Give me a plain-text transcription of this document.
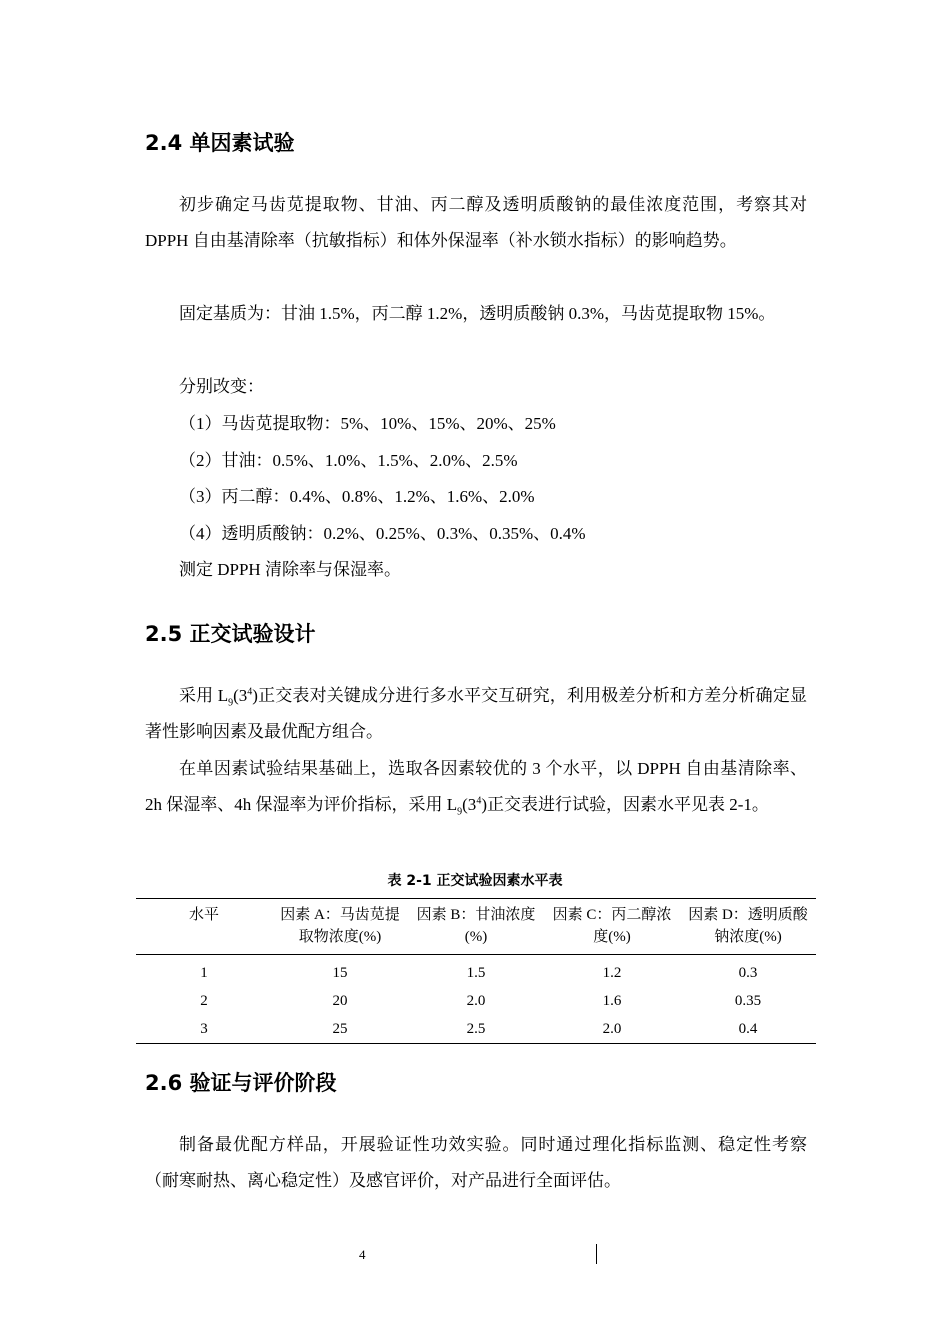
2.4 单因素试验

初步确定马齿苋提取物、甘油、丙二醇及透明质酸钠的最佳浓度范围，考察其对 DPPH 自由基清除率（抗敏指标）和体外保湿率（补水锁水指标）的影响趋势。

固定基质为：甘油 1.5%，丙二醇 1.2%，透明质酸钠 0.3%，马齿苋提取物 15%。

分别改变：

（1）马齿苋提取物：5%、10%、15%、20%、25%

（2）甘油：0.5%、1.0%、1.5%、2.0%、2.5%

（3）丙二醇：0.4%、0.8%、1.2%、1.6%、2.0%

（4）透明质酸钠：0.2%、0.25%、0.3%、0.35%、0.4%

测定 DPPH 清除率与保湿率。

2.5 正交试验设计

采用 $L_9(3^4)$正交表对关键成分进行多水平交互研究，利用极差分析和方差分析确定显著性影响因素及最优配方组合。

在单因素试验结果基础上，选取各因素较优的 3 个水平，以 DPPH 自由基清除率、2h 保湿率、4h 保湿率为评价指标，采用 $L_9(3^4)$正交表进行试验，因素水平见表 2-1。

表 2-1 正交试验因素水平表
水平	因素 A：马齿苋提取物浓度(%)	因素 B：甘油浓度(%)	因素 C：丙二醇浓度(%)	因素 D：透明质酸钠浓度(%)
1	15	1.5	1.2	0.3
2	20	2.0	1.6	0.35
3	25	2.5	2.0	0.4
2.6 验证与评价阶段

制备最优配方样品，开展验证性功效实验。同时通过理化指标监测、稳定性考察（耐寒耐热、离心稳定性）及感官评价，对产品进行全面评估。

4
